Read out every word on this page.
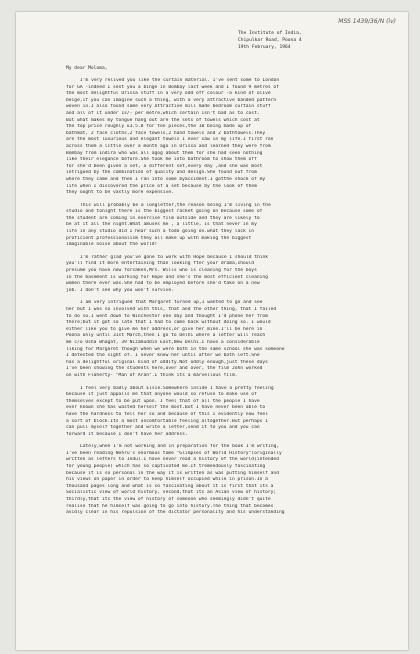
MSS 1439/36/N (iv)
The Institute of India,
Chipulkar Road, Poona 4
19th February, 1964
My dear Moloma,
I'm very relived you like the curtain material. I've sent some to London
for GA -indeed I sent you a binge in Bombay last week and I found 9 metres of
the most delightful Orissa stuff in a very odd off colour -a kind of olive
beige,if you can imagine such a thing, with a very attractive banded pattern
woven in.I also found some very attractive mill made bedroom curtain stuff
and all of it under 1s/- per metre,which certain isn't bad as to cost.
But what makes my tongue hang out are the sets of towels which cost at
the top price roughly £3.5.0 for ten pieces,the 10 being made up of
bathmat, 2 face cloths,2 face towels,2 hand towels and 2 bathtowels.They
are the most luxurious and elegant towels I ever saw in my life.I first ran
across them a little over a month ago in Orissa and learned they were from
Bombay from Indira who was all agog about them for she had seen nothing
like their elegance before.She took me into bathroom to show them off
for she'd been given a set, a different set,every day ,and she was most
intrigued by the combination of quality and design.She found out from
where they came and then I ran into some byaccident.I gotthe shock of my
life when I discovered the price of a set because by the look of them
they ought to be vastly more expensive.
This will probably be a longletter,the reason being I'm living in the
studio and tonight there is the biggest racket going on because some of
the student are coming in exercise film outside and they are likely to
be at it all the night.What amuses me , a little, is that never in my
life in any studio did I hear such a todo going on.what they lack in
proficient professionalism they all make up with making the biggest
imaginable noise about the world!
I'm rather glad you've gone to work with Hope because I should think
you'll find it more entertaining than looking fter your drama,should
presume you have now forsaken,Mrs. Wills who is cleaning for the boys
in the basement is working for Hope and she's the most efficient cleaning
women there ever was.She had to be employed before she'd take on a new
job. I don't see why you won't survive.
I am very intrigued that Margaret turned up,I wanted to go and see
her but I was so involved with this, that and the other thing, that I failed
to do so.I went down to Winchester one day and thought I'd phone her from
there;but it got so late that I had to come back without doing so. I would
either like you to give me her address,or give her mine.I'll be here in
Poona only until 31st March,then I go to Delhi where a letter will reach
me c/o Usha Bhagat, 39 Nizamuddin East,New Delhi.I have a considerable
liking for Margaret though when we were both in the same school she was someone
I detested the sight of. I never knew her until after we both left.She
has a delightful original kind of oddity.Not oddly enough,just these days
I've been showing the students here,over and over, the film John worked
on with Flaherty- "Man of Aran".I think its a marvellous film.
I feel very badly about Elsie.Somewhere inside I have a pretty feeling
because it just appalls me that anyone would so refuse to make use of
themselves except to be put upon. I feel that of all the people I have
ever known she has wasted herself the most.But I have never been able to
have the hardness to tell her so and because of this I evidently now feel
a sort of block.Its a most uncomfortable feeling altogether.But perhaps I
can pull myself together and write a letter,send it to you and you can
forward it because I don't have her address.
Lately,when I'm not working and in preparation for the book I'm writing,
I've been reading Nehru's enormous tome "Glimpses of World History"(originally
written as letters to Indu).I have never read a history of the world(intended
for young people) which has so captivated me.It tremendously fascinating
because it is so personal in the way it is written as was putting himself and
his views on paper in order to keep himself occupied while in prison.In a
thousand pages long and what is so fascinating about it is first that its a
Socialistic view of world history, second,that its an Asian view of history;
thirdly,that its the view of history of someone who seemingly didn't quite
realise that he himself was going to go into history.The thing that becomes
avidly clear in his repulsion of the dictator personality and his understanding
